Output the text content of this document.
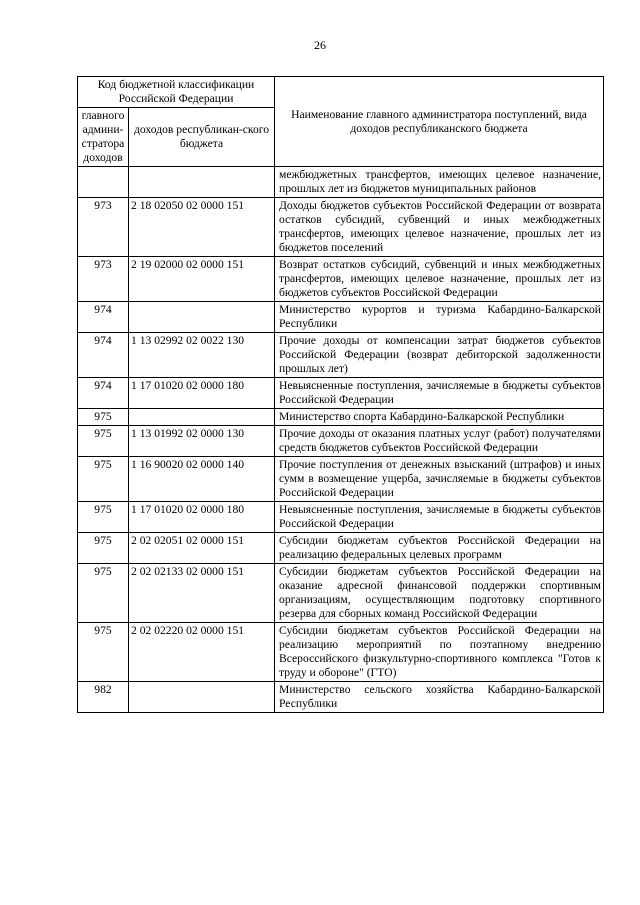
26
Код бюджетной классификации Российской Федерации		Наименование главного администратора поступлений, вида доходов республиканского бюджета
главного админи-стратора доходов	доходов республикан-ского бюджета	
		межбюджетных трансфертов, имеющих целевое назначение, прошлых лет из бюджетов муниципальных районов
973	2 18 02050 02 0000 151	Доходы бюджетов субъектов Российской Федерации от возврата остатков субсидий, субвенций и иных межбюджетных трансфертов, имеющих целевое назначение, прошлых лет из бюджетов поселений
973	2 19 02000 02 0000 151	Возврат остатков субсидий, субвенций и иных межбюджетных трансфертов, имеющих целевое назначение, прошлых лет из бюджетов субъектов Российской Федерации
974		Министерство курортов и туризма Кабардино-Балкарской Республики
974	1 13 02992 02 0022 130	Прочие доходы от компенсации затрат бюджетов субъектов Российской Федерации (возврат дебиторской задолженности прошлых лет)
974	1 17 01020 02 0000 180	Невыясненные поступления, зачисляемые в бюджеты субъектов Российской Федерации
975		Министерство спорта Кабардино-Балкарской Республики
975	1 13 01992 02 0000 130	Прочие доходы от оказания платных услуг (работ) получателями средств бюджетов субъектов Российской Федерации
975	1 16 90020 02 0000 140	Прочие поступления от денежных взысканий (штрафов) и иных сумм в возмещение ущерба, зачисляемые в бюджеты субъектов Российской Федерации
975	1 17 01020 02 0000 180	Невыясненные поступления, зачисляемые в бюджеты субъектов Российской Федерации
975	2 02 02051 02 0000 151	Субсидии бюджетам субъектов Российской Федерации на реализацию федеральных целевых программ
975	2 02 02133 02 0000 151	Субсидии бюджетам субъектов Российской Федерации на оказание адресной финансовой поддержки спортивным организациям, осуществляющим подготовку спортивного резерва для сборных команд Российской Федерации
975	2 02 02220 02 0000 151	Субсидии бюджетам субъектов Российской Федерации на реализацию мероприятий по поэтапному внедрению Всероссийского физкультурно-спортивного комплекса "Готов к труду и обороне" (ГТО)
982		Министерство сельского хозяйства Кабардино-Балкарской Республики
